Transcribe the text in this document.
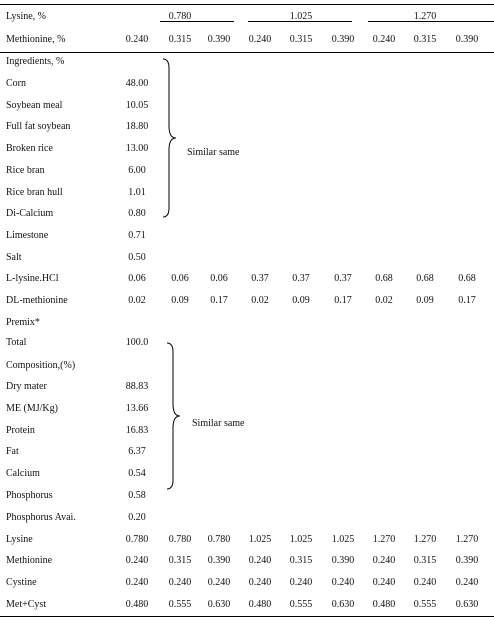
Lysine, %	0.780	1.025	1.270
Methionine, %	0.240 0.315 0.390 0.240 0.315 0.390 0.240 0.315 0.390
Ingredients, %
Corn	48.00
Soybean meal	10.05
Full fat soybean	18.80
Broken rice	13.00
Rice bran	6.00
Rice bran hull	1.01
Di-Calcium	0.80
Limestone	0.71
Salt	0.50
L-lysine.HCl	0.06	0.06 0.06 0.37 0.37 0.37 0.68 0.68 0.68
DL-methionine	0.02	0.09 0.17 0.02 0.09 0.17 0.02 0.09 0.17
Premix*
Total	100.0
Composition,(%)
Dry mater	88.83
ME (MJ/Kg)	13.66
Protein	16.83
Fat	6.37
Calcium	0.54
Phosphorus	0.58
Phosphorus Avai.	0.20
Lysine	0.780 0.780 0.780 1.025 1.025 1.025 1.270 1.270 1.270
Methionine	0.240 0.315 0.390 0.240 0.315 0.390 0.240 0.315 0.390
Cystine	0.240 0.240 0.240 0.240 0.240 0.240 0.240 0.240 0.240
Met+Cyst	0.480 0.555 0.630 0.480 0.555 0.630 0.480 0.555 0.630
Similar same
Similar same
